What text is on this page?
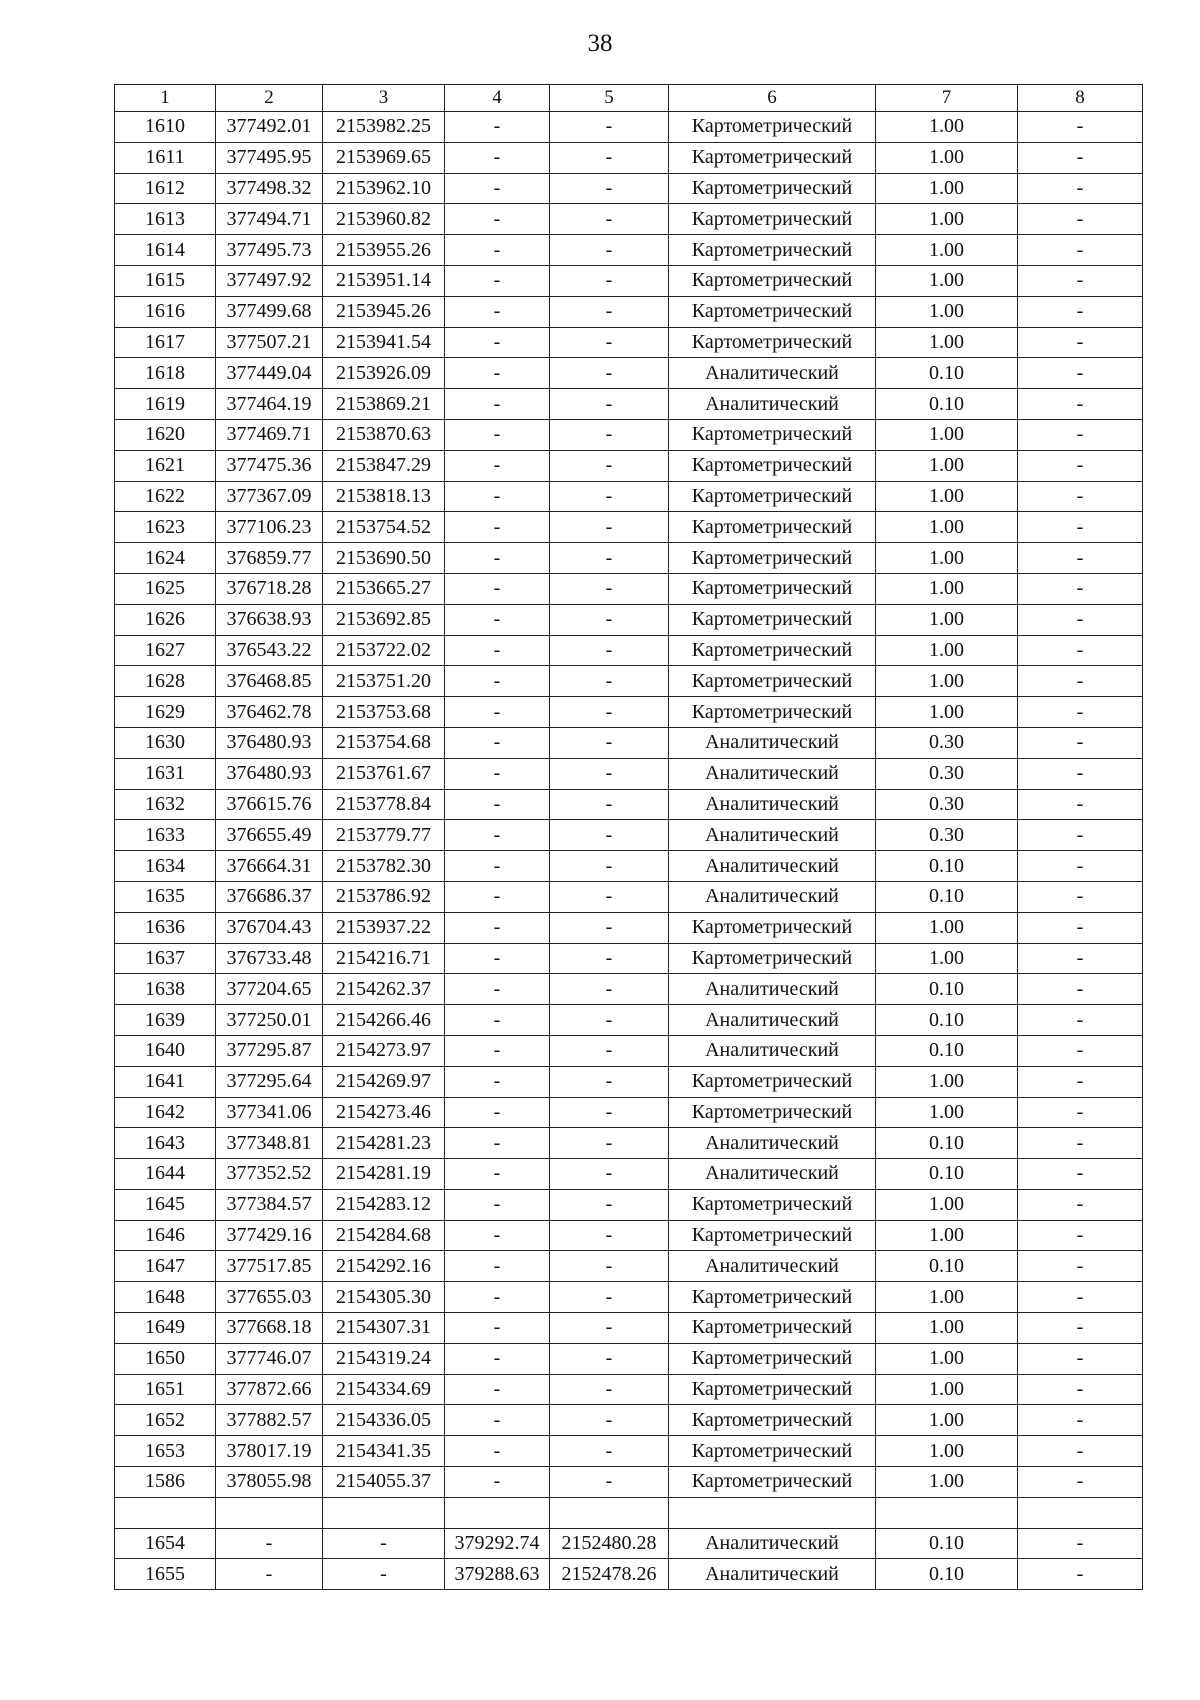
38
1	2	3	4	5	6	7	8
1610	377492.01	2153982.25	-	-	Картометрический	1.00	-
1611	377495.95	2153969.65	-	-	Картометрический	1.00	-
1612	377498.32	2153962.10	-	-	Картометрический	1.00	-
1613	377494.71	2153960.82	-	-	Картометрический	1.00	-
1614	377495.73	2153955.26	-	-	Картометрический	1.00	-
1615	377497.92	2153951.14	-	-	Картометрический	1.00	-
1616	377499.68	2153945.26	-	-	Картометрический	1.00	-
1617	377507.21	2153941.54	-	-	Картометрический	1.00	-
1618	377449.04	2153926.09	-	-	Аналитический	0.10	-
1619	377464.19	2153869.21	-	-	Аналитический	0.10	-
1620	377469.71	2153870.63	-	-	Картометрический	1.00	-
1621	377475.36	2153847.29	-	-	Картометрический	1.00	-
1622	377367.09	2153818.13	-	-	Картометрический	1.00	-
1623	377106.23	2153754.52	-	-	Картометрический	1.00	-
1624	376859.77	2153690.50	-	-	Картометрический	1.00	-
1625	376718.28	2153665.27	-	-	Картометрический	1.00	-
1626	376638.93	2153692.85	-	-	Картометрический	1.00	-
1627	376543.22	2153722.02	-	-	Картометрический	1.00	-
1628	376468.85	2153751.20	-	-	Картометрический	1.00	-
1629	376462.78	2153753.68	-	-	Картометрический	1.00	-
1630	376480.93	2153754.68	-	-	Аналитический	0.30	-
1631	376480.93	2153761.67	-	-	Аналитический	0.30	-
1632	376615.76	2153778.84	-	-	Аналитический	0.30	-
1633	376655.49	2153779.77	-	-	Аналитический	0.30	-
1634	376664.31	2153782.30	-	-	Аналитический	0.10	-
1635	376686.37	2153786.92	-	-	Аналитический	0.10	-
1636	376704.43	2153937.22	-	-	Картометрический	1.00	-
1637	376733.48	2154216.71	-	-	Картометрический	1.00	-
1638	377204.65	2154262.37	-	-	Аналитический	0.10	-
1639	377250.01	2154266.46	-	-	Аналитический	0.10	-
1640	377295.87	2154273.97	-	-	Аналитический	0.10	-
1641	377295.64	2154269.97	-	-	Картометрический	1.00	-
1642	377341.06	2154273.46	-	-	Картометрический	1.00	-
1643	377348.81	2154281.23	-	-	Аналитический	0.10	-
1644	377352.52	2154281.19	-	-	Аналитический	0.10	-
1645	377384.57	2154283.12	-	-	Картометрический	1.00	-
1646	377429.16	2154284.68	-	-	Картометрический	1.00	-
1647	377517.85	2154292.16	-	-	Аналитический	0.10	-
1648	377655.03	2154305.30	-	-	Картометрический	1.00	-
1649	377668.18	2154307.31	-	-	Картометрический	1.00	-
1650	377746.07	2154319.24	-	-	Картометрический	1.00	-
1651	377872.66	2154334.69	-	-	Картометрический	1.00	-
1652	377882.57	2154336.05	-	-	Картометрический	1.00	-
1653	378017.19	2154341.35	-	-	Картометрический	1.00	-
1586	378055.98	2154055.37	-	-	Картометрический	1.00	-

1654	-	-	379292.74	2152480.28	Аналитический	0.10	-
1655	-	-	379288.63	2152478.26	Аналитический	0.10	-
